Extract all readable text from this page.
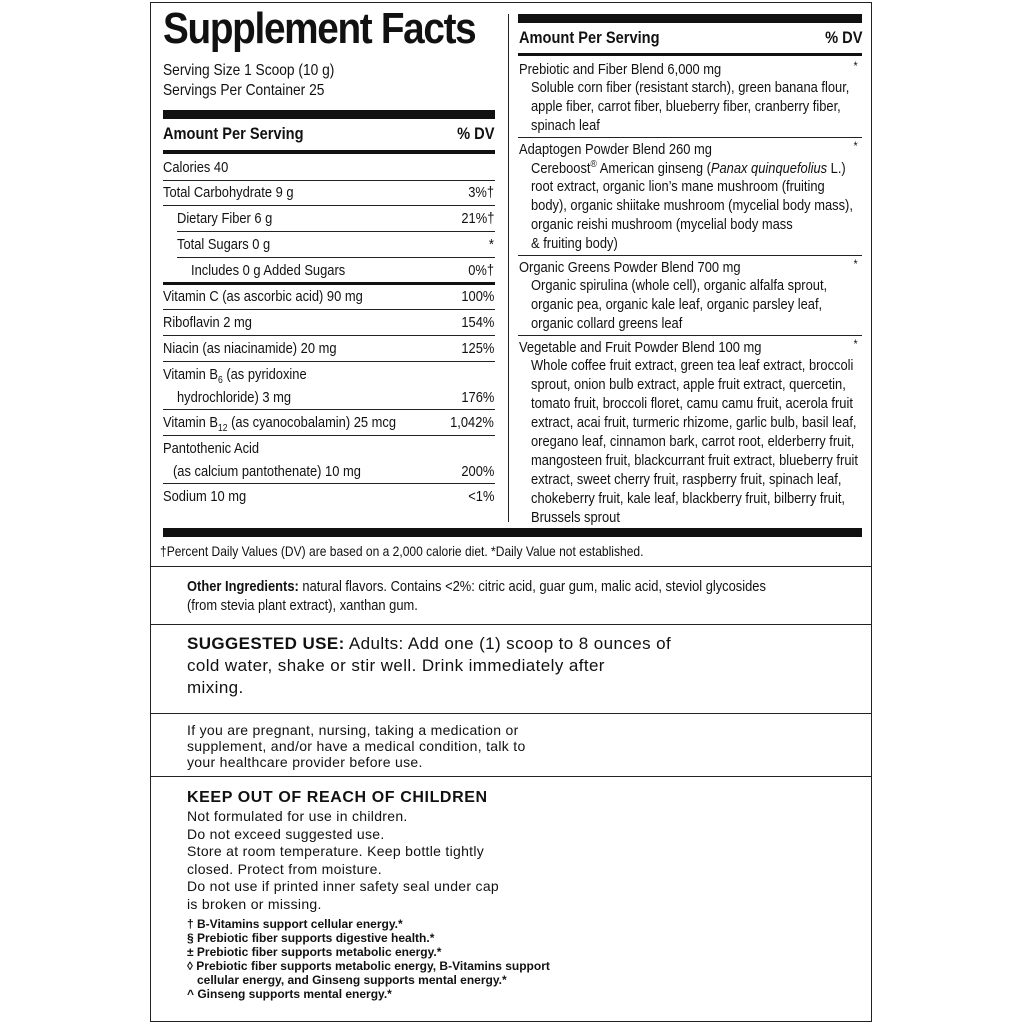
Supplement Facts
Serving Size 1 Scoop (10 g)
Servings Per Container 25
Amount Per Serving	% DV
Calories 40
Total Carbohydrate 9 g	3%†
Dietary Fiber 6 g	21%†
Total Sugars 0 g	*
Includes 0 g Added Sugars	0%†
Vitamin C (as ascorbic acid) 90 mg	100%
Riboflavin 2 mg	154%
Niacin (as niacinamide) 20 mg	125%
Vitamin $B_6$ (as pyridoxine
hydrochloride) 3 mg	176%
Vitamin $B_{12}$ (as cyanocobalamin) 25 mcg	1,042%
Pantothenic Acid
(as calcium pantothenate) 10 mg	200%
Sodium 10 mg	<1%
Amount Per Serving	% DV
Prebiotic and Fiber Blend 6,000 mg	*
Soluble corn fiber (resistant starch), green banana flour,
apple fiber, carrot fiber, blueberry fiber, cranberry fiber,
spinach leaf
Adaptogen Powder Blend 260 mg	*
Cereboost® American ginseng (Panax quinquefolius L.)
root extract, organic lion’s mane mushroom (fruiting
body), organic shiitake mushroom (mycelial body mass),
organic reishi mushroom (mycelial body mass
& fruiting body)
Organic Greens Powder Blend 700 mg	*
Organic spirulina (whole cell), organic alfalfa sprout,
organic pea, organic kale leaf, organic parsley leaf,
organic collard greens leaf
Vegetable and Fruit Powder Blend 100 mg	*
Whole coffee fruit extract, green tea leaf extract, broccoli
sprout, onion bulb extract, apple fruit extract, quercetin,
tomato fruit, broccoli floret, camu camu fruit, acerola fruit
extract, acai fruit, turmeric rhizome, garlic bulb, basil leaf,
oregano leaf, cinnamon bark, carrot root, elderberry fruit,
mangosteen fruit, blackcurrant fruit extract, blueberry fruit
extract, sweet cherry fruit, raspberry fruit, spinach leaf,
chokeberry fruit, kale leaf, blackberry fruit, bilberry fruit,
Brussels sprout
†Percent Daily Values (DV) are based on a 2,000 calorie diet. *Daily Value not established.
Other Ingredients: natural flavors. Contains <2%: citric acid, guar gum, malic acid, steviol glycosides
(from stevia plant extract), xanthan gum.
SUGGESTED USE: Adults: Add one (1) scoop to 8 ounces of
cold water, shake or stir well. Drink immediately after
mixing.
If you are pregnant, nursing, taking a medication or
supplement, and/or have a medical condition, talk to
your healthcare provider before use.
KEEP OUT OF REACH OF CHILDREN
Not formulated for use in children.
Do not exceed suggested use.
Store at room temperature. Keep bottle tightly
closed. Protect from moisture.
Do not use if printed inner safety seal under cap
is broken or missing.
† B-Vitamins support cellular energy.*
§ Prebiotic fiber supports digestive health.*
± Prebiotic fiber supports metabolic energy.*
◊ Prebiotic fiber supports metabolic energy, B-Vitamins support
cellular energy, and Ginseng supports mental energy.*
^ Ginseng supports mental energy.*
